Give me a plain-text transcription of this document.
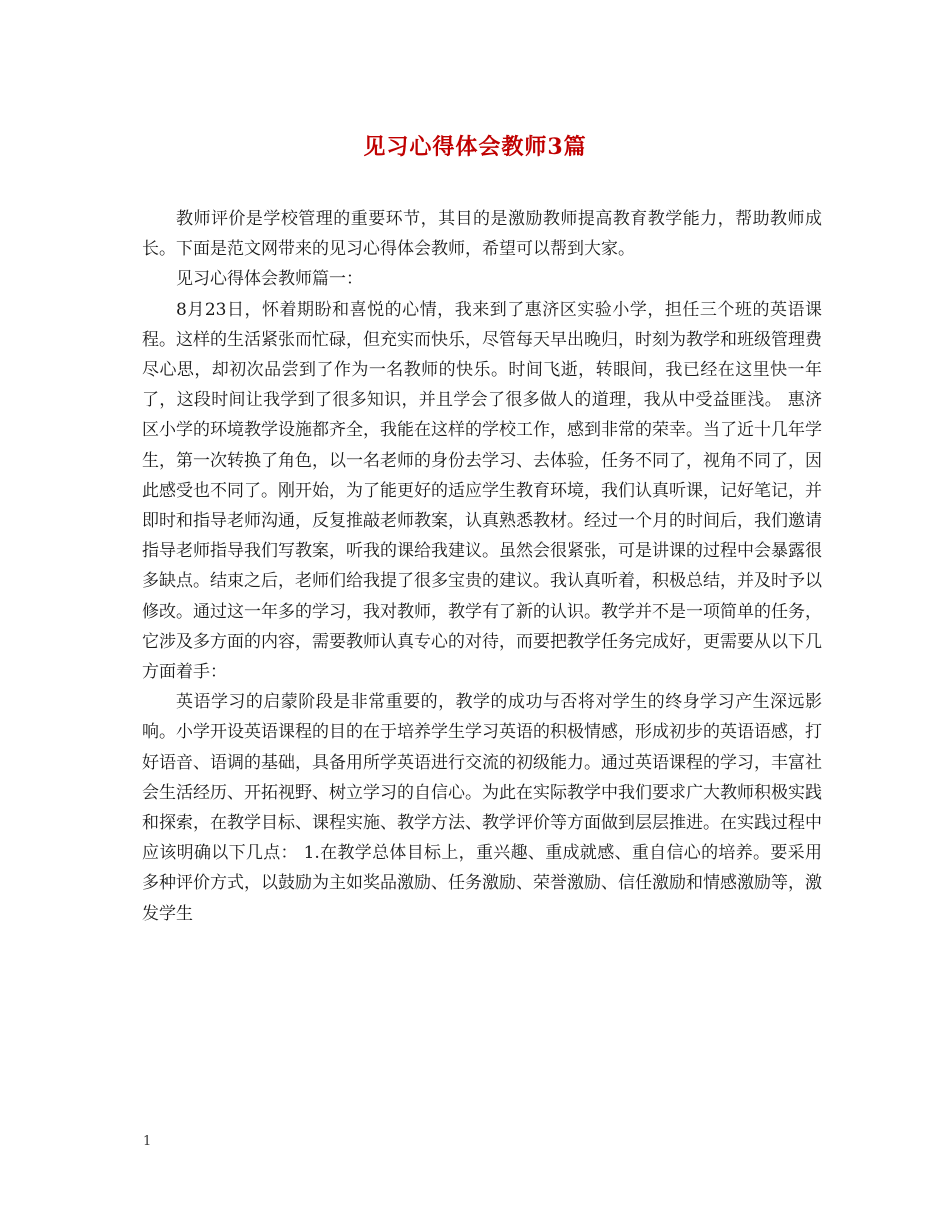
见习心得体会教师3篇

教师评价是学校管理的重要环节，其目的是激励教师提高教育教学能力，帮助教师成长。下面是范文网带来的见习心得体会教师，希望可以帮到大家。

见习心得体会教师篇一：

8月23日，怀着期盼和喜悦的心情，我来到了惠济区实验小学，担任三个班的英语课程。这样的生活紧张而忙碌，但充实而快乐，尽管每天早出晚归，时刻为教学和班级管理费尽心思，却初次品尝到了作为一名教师的快乐。时间飞逝，转眼间，我已经在这里快一年了，这段时间让我学到了很多知识，并且学会了很多做人的道理，我从中受益匪浅。 惠济区小学的环境教学设施都齐全，我能在这样的学校工作，感到非常的荣幸。当了近十几年学生，第一次转换了角色，以一名老师的身份去学习、去体验，任务不同了，视角不同了，因此感受也不同了。刚开始，为了能更好的适应学生教育环境，我们认真听课，记好笔记，并即时和指导老师沟通，反复推敲老师教案，认真熟悉教材。经过一个月的时间后，我们邀请指导老师指导我们写教案，听我的课给我建议。虽然会很紧张，可是讲课的过程中会暴露很多缺点。结束之后，老师们给我提了很多宝贵的建议。我认真听着，积极总结，并及时予以修改。通过这一年多的学习，我对教师，教学有了新的认识。教学并不是一项简单的任务，它涉及多方面的内容，需要教师认真专心的对待，而要把教学任务完成好，更需要从以下几方面着手：

英语学习的启蒙阶段是非常重要的，教学的成功与否将对学生的终身学习产生深远影响。小学开设英语课程的目的在于培养学生学习英语的积极情感，形成初步的英语语感，打好语音、语调的基础，具备用所学英语进行交流的初级能力。通过英语课程的学习，丰富社会生活经历、开拓视野、树立学习的自信心。为此在实际教学中我们要求广大教师积极实践和探索，在教学目标、课程实施、教学方法、教学评价等方面做到层层推进。在实践过程中应该明确以下几点： 1.在教学总体目标上，重兴趣、重成就感、重自信心的培养。要采用多种评价方式，以鼓励为主如奖品激励、任务激励、荣誉激励、信任激励和情感激励等，激发学生

1
